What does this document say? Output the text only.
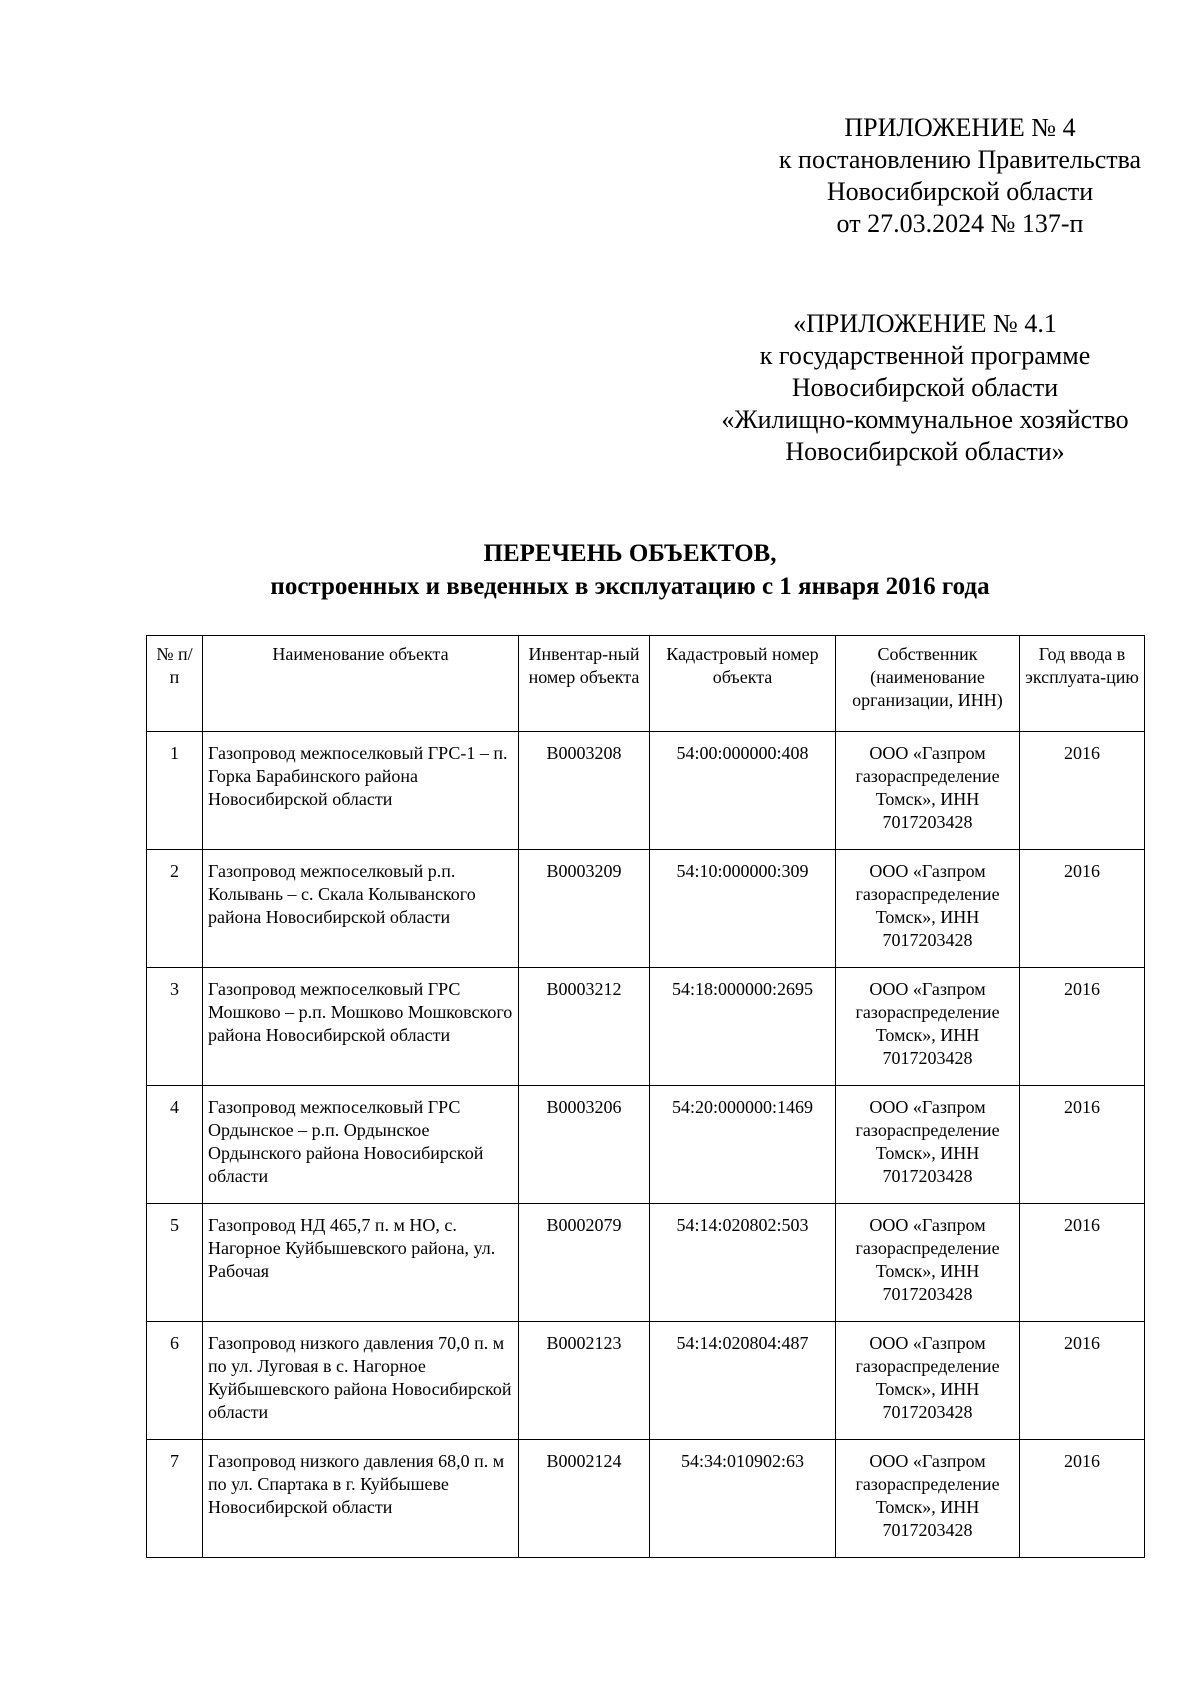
ПРИЛОЖЕНИЕ № 4
к постановлению Правительства
Новосибирской области
от 27.03.2024 № 137-п
«ПРИЛОЖЕНИЕ № 4.1
к государственной программе
Новосибирской области
«Жилищно-коммунальное хозяйство
Новосибирской области»
ПЕРЕЧЕНЬ ОБЪЕКТОВ,
построенных и введенных в эксплуатацию с 1 января 2016 года
№ п/п	Наименование объекта	Инвентар-ный номер объекта	Кадастровый номер объекта	Собственник (наименование организации, ИНН)	Год ввода в эксплуата-цию
1	Газопровод межпоселковый ГРС-1 – п. Горка Барабинского района Новосибирской области	B0003208	54:00:000000:408	ООО «Газпром газораспределение Томск», ИНН 7017203428	2016
2	Газопровод межпоселковый р.п. Колывань – с. Скала Колыванского района Новосибирской области	B0003209	54:10:000000:309	ООО «Газпром газораспределение Томск», ИНН 7017203428	2016
3	Газопровод межпоселковый ГРС Мошково – р.п. Мошково Мошковского района Новосибирской области	B0003212	54:18:000000:2695	ООО «Газпром газораспределение Томск», ИНН 7017203428	2016
4	Газопровод межпоселковый ГРС Ордынское – р.п. Ордынское Ордынского района Новосибирской области	B0003206	54:20:000000:1469	ООО «Газпром газораспределение Томск», ИНН 7017203428	2016
5	Газопровод НД 465,7 п. м НО, с. Нагорное Куйбышевского района, ул. Рабочая	B0002079	54:14:020802:503	ООО «Газпром газораспределение Томск», ИНН 7017203428	2016
6	Газопровод низкого давления 70,0 п. м по ул. Луговая в с. Нагорное Куйбышевского района Новосибирской области	B0002123	54:14:020804:487	ООО «Газпром газораспределение Томск», ИНН 7017203428	2016
7	Газопровод низкого давления 68,0 п. м по ул. Спартака в г. Куйбышеве Новосибирской области	B0002124	54:34:010902:63	ООО «Газпром газораспределение Томск», ИНН 7017203428	2016
